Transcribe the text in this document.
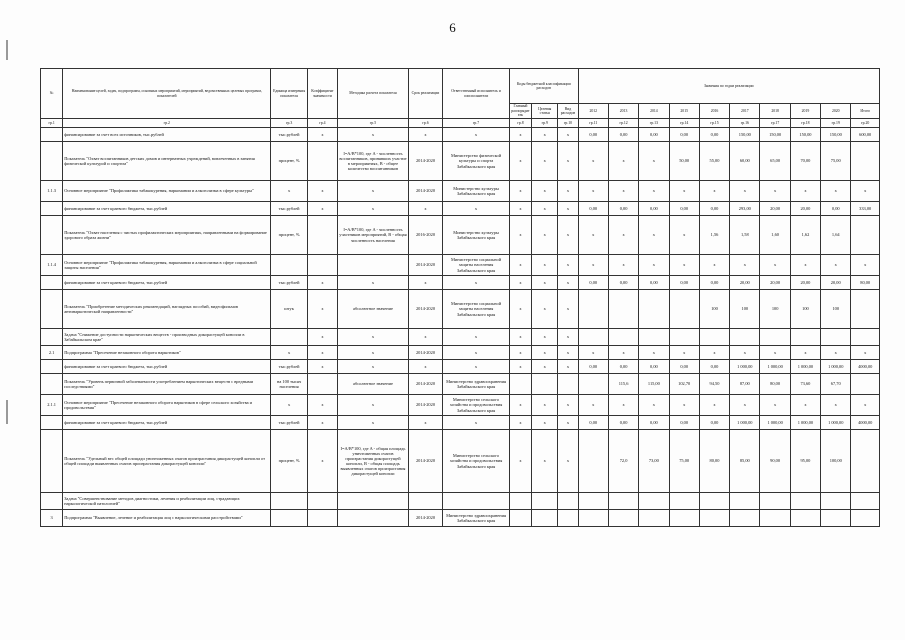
6
№	Наименование целей, задач, подпрограмм, основных мероприятий, мероприятий, ведомственных целевых программ, показателей	Единица измерения показателя	Коэффициент значимости	Методика расчета показателя	Срок реализации	Ответственный исполнитель и соисполнители	Коды бюджетной классификации расходов			Значения по годам реализации									
							Главный распорядитель	Целевая статья	Вид расходов	2012	2013	2014	2015	2016	2017	2018	2019	2020	Итого
гр.1	гр.2	гр.3	гр.4	гр.5	гр.6	гр.7	гр.8	гр.9	гр.10	гр.11	гр.12	гр.13	гр.14	гр.15	гр.16	гр.17	гр.18	гр.19	гр.20
	финансирование за счет всех источников, тыс.рублей	тыс.рублей	х	х	х	х	х	х	х	0,00	0,00	0,00	0,00	0,00	150,00	150,00	150,00	150,00	600,00
	Показатель "Охват воспитанников детских домов и интернатных учреждений, вовлеченных в занятия физической культурой и спортом"	процент, %		I=A/B*100, где A - численность воспитанников, принявших участие в мероприятиях, B - общее количество воспитанников	2014-2020	Министерство физической культуры и спорта Забайкальского края	х	х	х	х	х	х	50,00	55,00	60,00	65,00	70,00	75,00	
1.1.3	Основное мероприятие "Профилактика табакокурения, наркомании и алкоголизма в сфере культуры"	х	х	х	2014-2020	Министерство культуры Забайкальского края	х	х	х	х	х	х	х	х	х	х	х	х	х
	финансирование за счет краевого бюджета, тыс.рублей	тыс.рублей	х	х	х	х	х	х	х	0,00	0,00	0,00	0,00	0,00	293,00	20,00	20,00	0,00	333,00
	Показатель "Охват населения с чистых профилактических мероприятиях, направленными на формирование здорового образа жизни"	процент, %		I=A/B*100, где A - численность участников мероприятий, B - общая численность населения	2016-2020	Министерство культуры Забайкальского края	х	х	х	х	х	х	х	1,56	1,58	1,60	1,62	1,64	
1.1.4	Основное мероприятие "Профилактика табакокурения, наркомании и алкоголизма в сфере социальной защиты населения"				2014-2020	Министерство социальной защиты населения Забайкальского края	х	х	х	х	х	х	х	х	х	х	х	х	х
	финансирование за счет краевого бюджета, тыс.рублей	тыс.рублей	х	х	х	х	х	х	х	0,00	0,00	0,00	0,00	0,00	20,00	20,00	20,00	20,00	80,00
	Показатель "Приобретение методических рекомендаций, наглядных пособий, видеофильмов антинаркотической направленности"	штук	х	абсолютное значение	2014-2020	Министерство социальной защиты населения Забайкальского края	х	х	х					100	100	100	100	100	
	Задача "Снижение доступности наркотических веществ - производных дикорастущей конопли в Забайкальском крае"		х	х	х	х	х	х	х										
2.1	Подпрограмма "Пресечение незаконного оборота наркотиков"	х	х	х	2014-2020	х	х	х	х	х	х	х	х	х	х	х	х	х	х
	финансирование за счет краевого бюджета, тыс.рублей	тыс.рублей	х	х	х	х	х	х	х	0,00	0,00	0,00	0,00	0,00	1 000,00	1 000,00	1 000,00	1 000,00	4000,00
	Показатель "Уровень первичной заболеваемости употреблением наркотических веществ с вредными последствиями"	на 100 тысяч населения		абсолютное значение	2014-2020	Министерство здравоохранения Забайкальского края					115,6	115,00	102,70	94,50	87,00	80,00	73,60	67,70	
2.1.1	Основное мероприятие "Пресечение незаконного оборота наркотиков в сфере сельского хозяйства и продовольствия"	х	х	х	2014-2020	Министерство сельского хозяйства и продовольствия Забайкальского края	х	х	х	х	х	х	х	х	х	х	х	х	х
	финансирование за счет краевого бюджета, тыс.рублей	тыс.рублей	х	х	х	х	х	х	х	0,00	0,00	0,00	0,00	0,00	1 000,00	1 000,00	1 000,00	1 000,00	4000,00
	Показатель "Удельный вес общей площади уничтоженных очагов произрастания дикорастущей конопли от общей площади выявленных очагов произрастания дикорастущей конопли"	процент, %	х	I=A/B*100, где A - общая площадь уничтоженных очагов произрастания дикорастущей конопли, B - общая площадь выявленных очагов произрастания дикорастущей конопли	2014-2020	Министерство сельского хозяйства и продовольствия Забайкальского края	х	х	х		72,0	73,00	75,00	80,00	85,00	90,00	95,00	100,00	
	Задача "Совершенствование методов диагностики, лечения и реабилитации лиц, страдающих наркологической патологией"																		
3	Подпрограмма "Выявление, лечение и реабилитация лиц с наркологическими расстройствами"				2014-2020	Министерство здравоохранения Забайкальского края													
